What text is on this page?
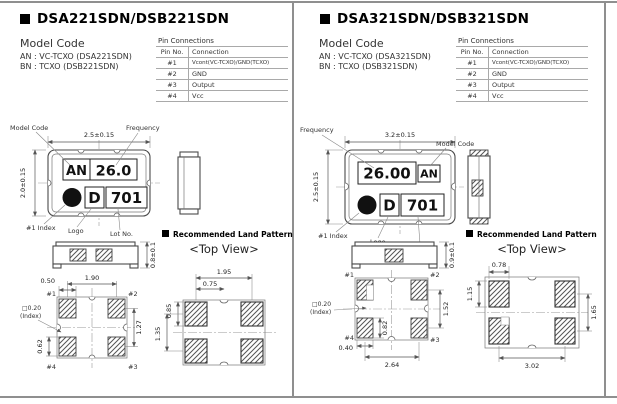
DSA221SDN/DSB221SDN
Model Code
AN : VC-TCXO (DSA221SDN)
BN : TCXO (DSB221SDN)
Pin Connections
Pin No.	Connection
#1	Vcont(VC-TCXO)/GND(TCXO)
#2	GND
#3	Output
#4	Vcc
AN 26.0
D 701
2.5±0.15
2.0±0.15
Model Code	Frequency
#1 Index Logo	Lot No.
0.8±0.1
#1	#2
#4	#3
1.90
0.50
□0.20
(Index)
1.27
0.62
Recommended Land Pattern
<Top View>
1.95
0.75
0.85
1.35
DSA321SDN/DSB321SDN
Model Code
AN : VC-TCXO (DSA321SDN)
BN : TCXO (DSB321SDN)
Pin Connections
Pin No.	Connection
#1	Vcont(VC-TCXO)/GND(TCXO)
#2	GND
#3	Output
#4	Vcc
26.00 AN
D 701
3.2±0.15
2.5±0.15
Frequency
Model Code
#1 Index
0.9±0.1
#1	#2
#4	#3
□0.20
(Index)	1.52
0.82
0.40
2.64
Recommended Land Pattern
<Top View>
0.78
1.15
1.65
3.02
